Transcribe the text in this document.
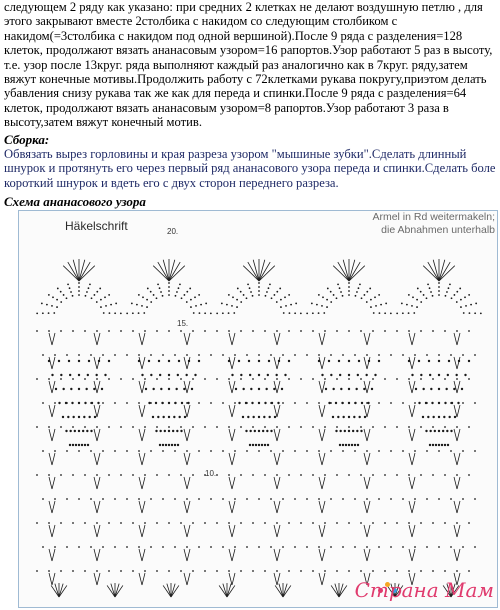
следующем 2 ряду как указано: при средних 2 клетках не делают воздушную петлю , для этого закрывают вместе 2столбика с накидом со следующим столбиком с накидом(=3столбика с накидом под одной вершиной).После 9 ряда с разделения=128 клеток, продолжают вязать ананасовым узором=16 рапортов.Узор работают 5 раз в высоту, т.е. узор после 13круг. ряда выполняют каждый раз аналогично как в 7круг. ряду,затем вяжут конечные мотивы.Продолжить работу с 72клетками рукава покругу,приэтом делать убавления снизу рукава так же как для переда и спинки.После 9 ряда с разделения=64 клеток, продолжают вязать ананасовым узором=8 рапортов.Узор работают 3 раза в высоту,затем вяжут конечный мотив.

Сборка:

Обвязать вырез горловины и края разреза узором "мышиные зубки".Сделать длинный шнурок и протянуть его через первый ряд ананасового узора переда и спинки.Сделать боле короткий шнурок и вдеть его с двух сторон переднего разреза.

Схема ананасового узора
Häkelschrift
Armel in Rd weitermakeln;
die Abnahmen unterhalb
20.
15.
10.
Страна Мам
